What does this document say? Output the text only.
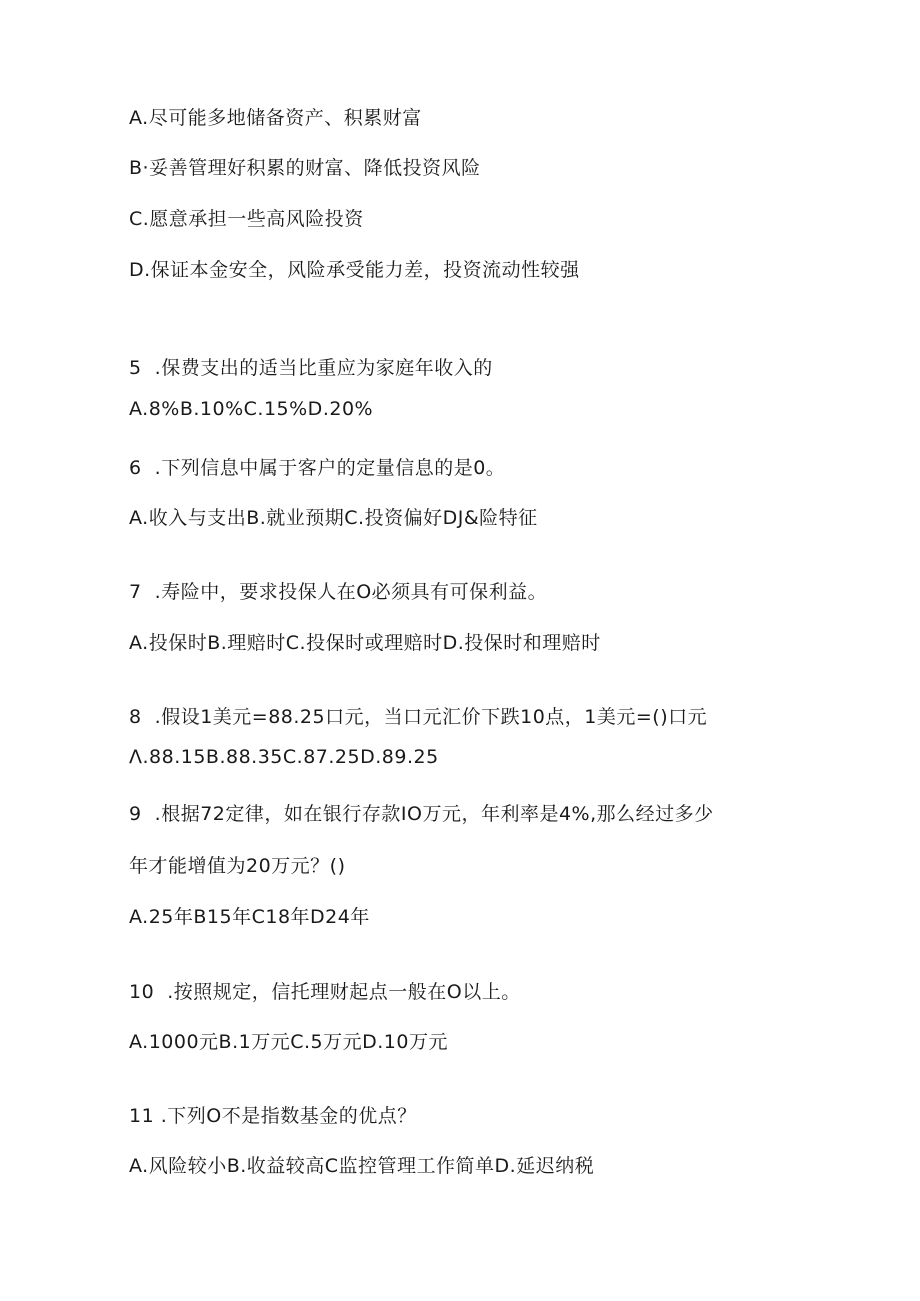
A.尽可能多地储备资产、积累财富
B·妥善管理好积累的财富、降低投资风险
C.愿意承担一些高风险投资
D.保证本金安全，风险承受能力差，投资流动性较强
5  .保费支出的适当比重应为家庭年收入的
A.8%B.10%C.15%D.20%
6  .下列信息中属于客户的定量信息的是0。
A.收入与支出B.就业预期C.投资偏好DJ&险特征
7  .寿险中，要求投保人在O必须具有可保利益。
A.投保时B.理赔时C.投保时或理赔时D.投保时和理赔时
8  .假设1美元=88.25口元，当口元汇价下跌10点，1美元=()口元
Λ.88.15B.88.35C.87.25D.89.25
9  .根据72定律，如在银行存款IO万元，年利率是4%,那么经过多少
年才能增值为20万元？()
A.25年B15年C18年D24年
10  .按照规定，信托理财起点一般在O以上。
A.1000元B.1万元C.5万元D.10万元
11 .下列O不是指数基金的优点？
A.风险较小B.收益较高C监控管理工作简单D.延迟纳税
